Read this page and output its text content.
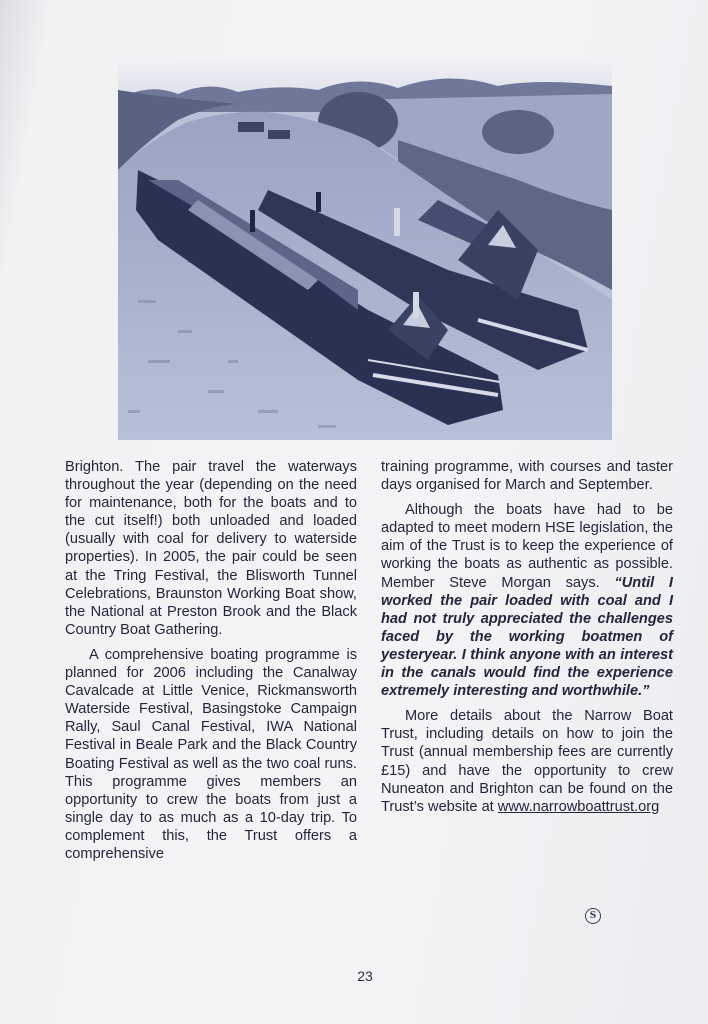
Brighton. The pair travel the waterways throughout the year (depending on the need for maintenance, both for the boats and to the cut itself!) both unloaded and loaded (usually with coal for delivery to waterside properties). In 2005, the pair could be seen at the Tring Festival, the Blisworth Tunnel Celebrations, Braunston Working Boat show, the National at Preston Brook and the Black Country Boat Gathering.

A comprehensive boating programme is planned for 2006 including the Canalway Cavalcade at Little Venice, Rickmansworth Waterside Festival, Basingstoke Campaign Rally, Saul Canal Festival, IWA National Festival in Beale Park and the Black Country Boating Festival as well as the two coal runs. This programme gives members an opportunity to crew the boats from just a single day to as much as a 10-day trip. To complement this, the Trust offers a comprehensive

training programme, with courses and taster days organised for March and September.

Although the boats have had to be adapted to meet modern HSE legislation, the aim of the Trust is to keep the experience of working the boats as authentic as possible. Member Steve Morgan says. “Until I worked the pair loaded with coal and I had not truly appreciated the challenges faced by the working boatmen of yesteryear. I think anyone with an interest in the canals would find the experience extremely interesting and worthwhile.”

More details about the Narrow Boat Trust, including details on how to join the Trust (annual membership fees are currently £15) and have the opportunity to crew Nuneaton and Brighton can be found on the Trust’s website at www.narrowboattrust.org

S
23
